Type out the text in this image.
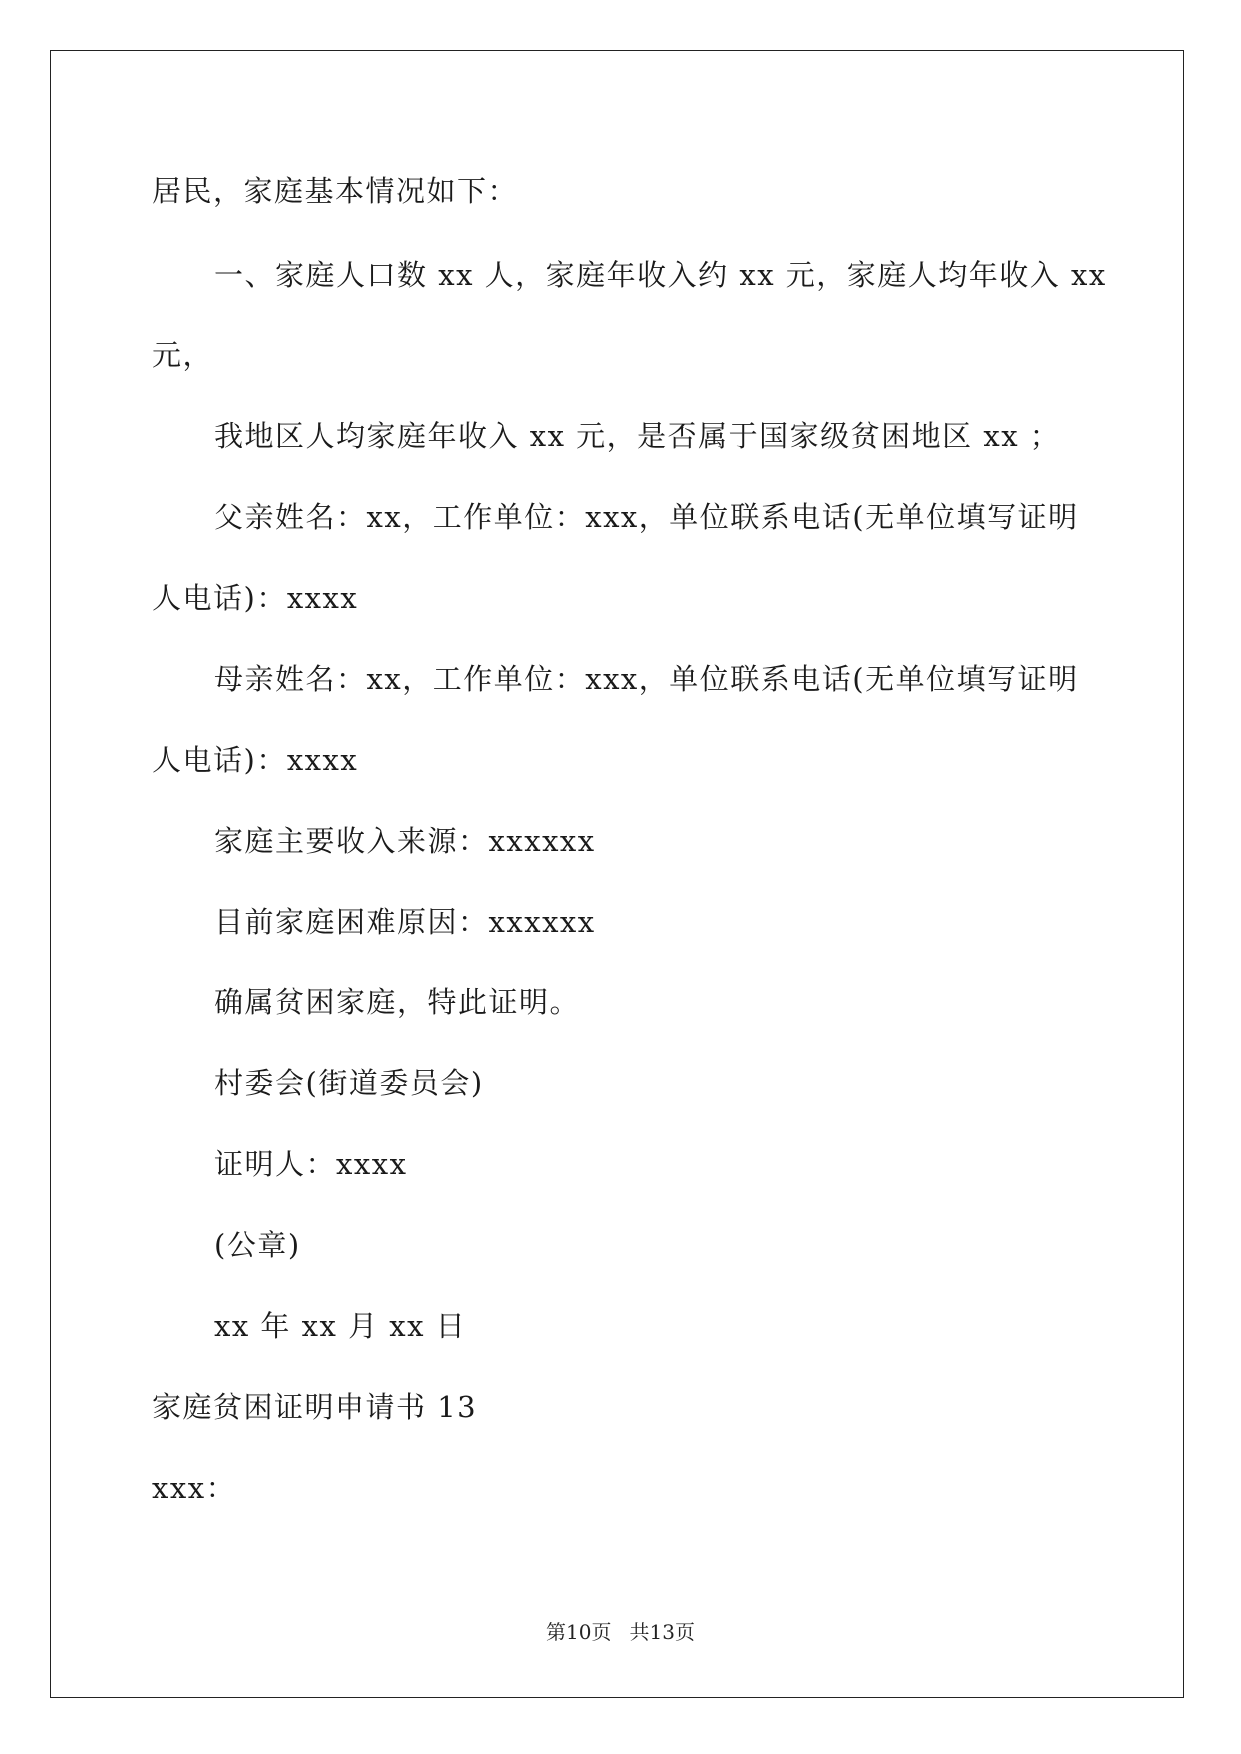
居民，家庭基本情况如下：
一、家庭人口数 xx 人，家庭年收入约 xx 元，家庭人均年收入 xx
元，
我地区人均家庭年收入 xx 元，是否属于国家级贫困地区 xx ；
父亲姓名：xx，工作单位：xxx，单位联系电话(无单位填写证明
人电话)：xxxx
母亲姓名：xx，工作单位：xxx，单位联系电话(无单位填写证明
人电话)：xxxx
家庭主要收入来源：xxxxxx
目前家庭困难原因：xxxxxx
确属贫困家庭，特此证明。
村委会(街道委员会)
证明人：xxxx
(公章)
xx 年 xx 月 xx 日
家庭贫困证明申请书 13
xxx：
第10页 共13页
